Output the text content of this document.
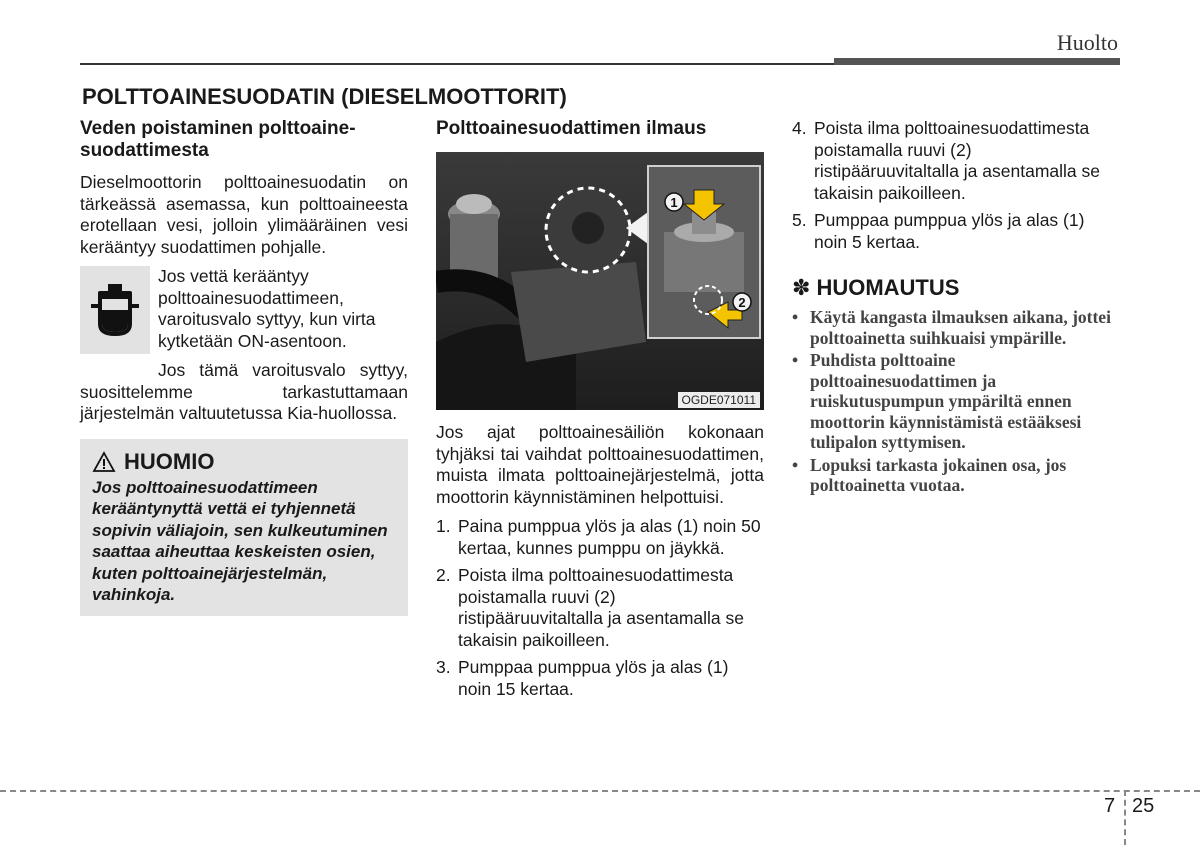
Huolto
POLTTOAINESUODATIN (DIESELMOOTTORIT)
Veden poistaminen polttoaine-
suodattimesta

Dieselmoottorin polttoainesuodatin on tärkeässä asemassa, kun polttoaineesta erotellaan vesi, jolloin ylimääräinen vesi kerääntyy suodattimen pohjalle.

Jos vettä kerääntyy polttoainesuodattimeen, varoitusvalo syttyy, kun virta kytketään ON-asentoon.

Jos tämä varoitusvalo syttyy, suosittelemme tarkastuttamaan järjestelmän valtuutetussa Kia-huollossa.

HUOMIO

Jos polttoainesuodattimeen kerääntynyttä vettä ei tyhjennetä sopivin väliajoin, sen kulkeutuminen saattaa aiheuttaa keskeisten osien, kuten polttoainejärjestelmän, vahinkoja.

Polttoainesuodattimen ilmaus
1
2
OGDE071011

Jos ajat polttoainesäiliön kokonaan tyhjäksi tai vaihdat polttoainesuodattimen, muista ilmata polttoainejärjestelmä, jotta moottorin käynnistäminen helpottuisi.

1. Paina pumppua ylös ja alas (1) noin 50 kertaa, kunnes pumppu on jäykkä.
2. Poista ilma polttoainesuodattimesta poistamalla ruuvi (2) ristipääruuvitaltalla ja asentamalla se takaisin paikoilleen.
3. Pumppaa pumppua ylös ja alas (1) noin 15 kertaa.
4. Poista ilma polttoainesuodattimesta poistamalla ruuvi (2) ristipääruuvitaltalla ja asentamalla se takaisin paikoilleen.
5. Pumppaa pumppua ylös ja alas (1) noin 5 kertaa.
✽ HUOMAUTUS
• Käytä kangasta ilmauksen aikana, jottei polttoainetta suihkuaisi ympärille.
• Puhdista polttoaine polttoainesuodattimen ja ruiskutuspumpun ympäriltä ennen moottorin käynnistämistä estääksesi tulipalon syttymisen.
• Lopuksi tarkasta jokainen osa, jos polttoainetta vuotaa.
7 25
